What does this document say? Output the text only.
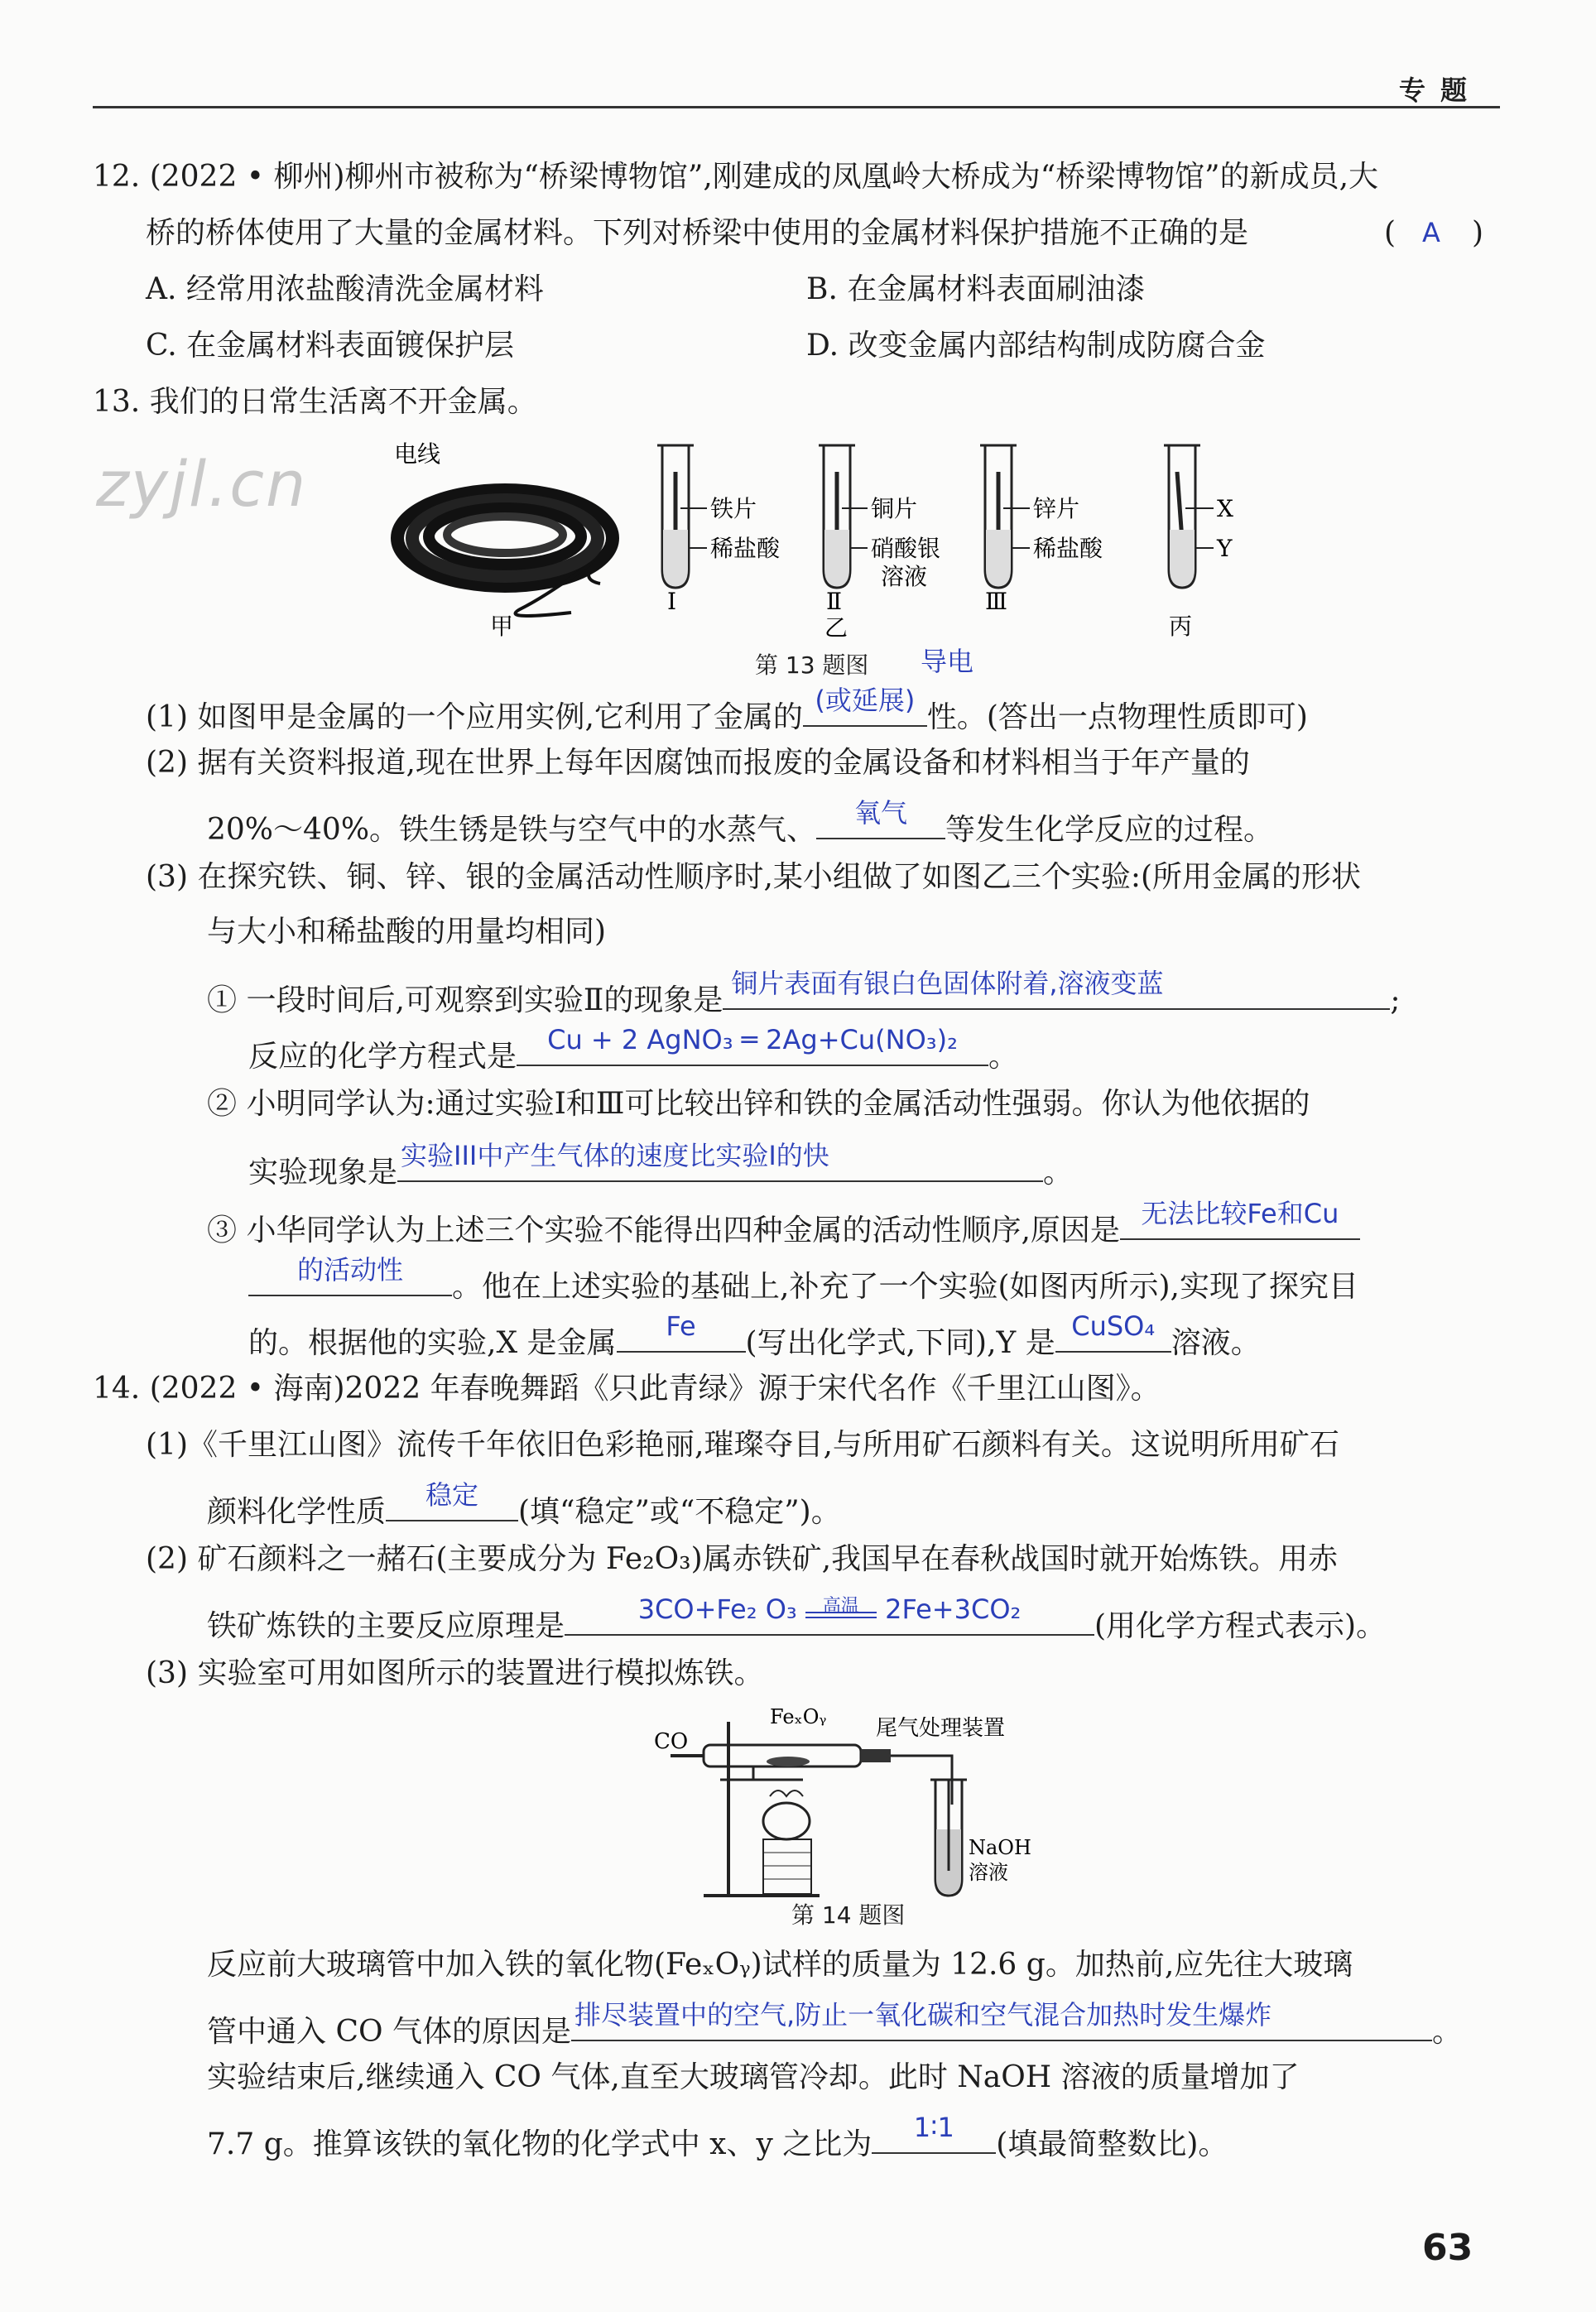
专题
zyjl.cn
12. (2022 • 柳州)柳州市被称为“桥梁博物馆”,刚建成的凤凰岭大桥成为“桥梁博物馆”的新成员,大
桥的桥体使用了大量的金属材料。下列对桥梁中使用的金属材料保护措施不正确的是	( A )
A. 经常用浓盐酸清洗金属材料	B. 在金属材料表面刷油漆
C. 在金属材料表面镀保护层	D. 改变金属内部结构制成防腐合金
13. 我们的日常生活离不开金属。
电线
甲
铁片
稀盐酸
Ⅰ
铜片
硝酸银
溶液
Ⅱ
乙
锌片
稀盐酸
Ⅲ
X
Y
丙
第 13 题图 导电
(1) 如图甲是金属的一个应用实例,它利用了金属的 (或延展) 性。(答出一点物理性质即可)
(2) 据有关资料报道,现在世界上每年因腐蚀而报废的金属设备和材料相当于年产量的
20%～40%。铁生锈是铁与空气中的水蒸气、	氧气	等发生化学反应的过程。
(3) 在探究铁、铜、锌、银的金属活动性顺序时,某小组做了如图乙三个实验:(所用金属的形状
与大小和稀盐酸的用量均相同)
① 一段时间后,可观察到实验Ⅱ的现象是 铜片表面有银白色固体附着,溶液变蓝	;
反应的化学方程式是	Cu + 2 AgNO₃ ═ 2Ag+Cu(NO₃)₂	。
② 小明同学认为:通过实验Ⅰ和Ⅲ可比较出锌和铁的金属活动性强弱。你认为他依据的
实验现象是 实验III中产生气体的速度比实验I的快	。
③ 小华同学认为上述三个实验不能得出四种金属的活动性顺序,原因是 无法比较Fe和Cu
的活动性	。他在上述实验的基础上,补充了一个实验(如图丙所示),实现了探究目
的。根据他的实验,X 是金属	Fe	(写出化学式,下同),Y 是 CuSO₄ 溶液。
14. (2022 • 海南)2022 年春晚舞蹈《只此青绿》源于宋代名作《千里江山图》。
(1)《千里江山图》流传千年依旧色彩艳丽,璀璨夺目,与所用矿石颜料有关。这说明所用矿石
颜料化学性质	稳定	(填“稳定”或“不稳定”)。
(2) 矿石颜料之一赭石(主要成分为 Fe₂O₃)属赤铁矿,我国早在春秋战国时就开始炼铁。用赤
铁矿炼铁的主要反应原理是	3CO+Fe₂ O₃	高温 2Fe+3CO₂	(用化学方程式表示)。
(3) 实验室可用如图所示的装置进行模拟炼铁。
CO
FeₓOᵧ 尾气处理装置
NaOH
溶液
第 14 题图
反应前大玻璃管中加入铁的氧化物(FeₓOᵧ)试样的质量为 12.6 g。加热前,应先往大玻璃
管中通入 CO 气体的原因是 排尽装置中的空气,防止一氧化碳和空气混合加热时发生爆炸	。
实验结束后,继续通入 CO 气体,直至大玻璃管冷却。此时 NaOH 溶液的质量增加了
7.7 g。推算该铁的氧化物的化学式中 x、y 之比为	1∶1	(填最简整数比)。
63
